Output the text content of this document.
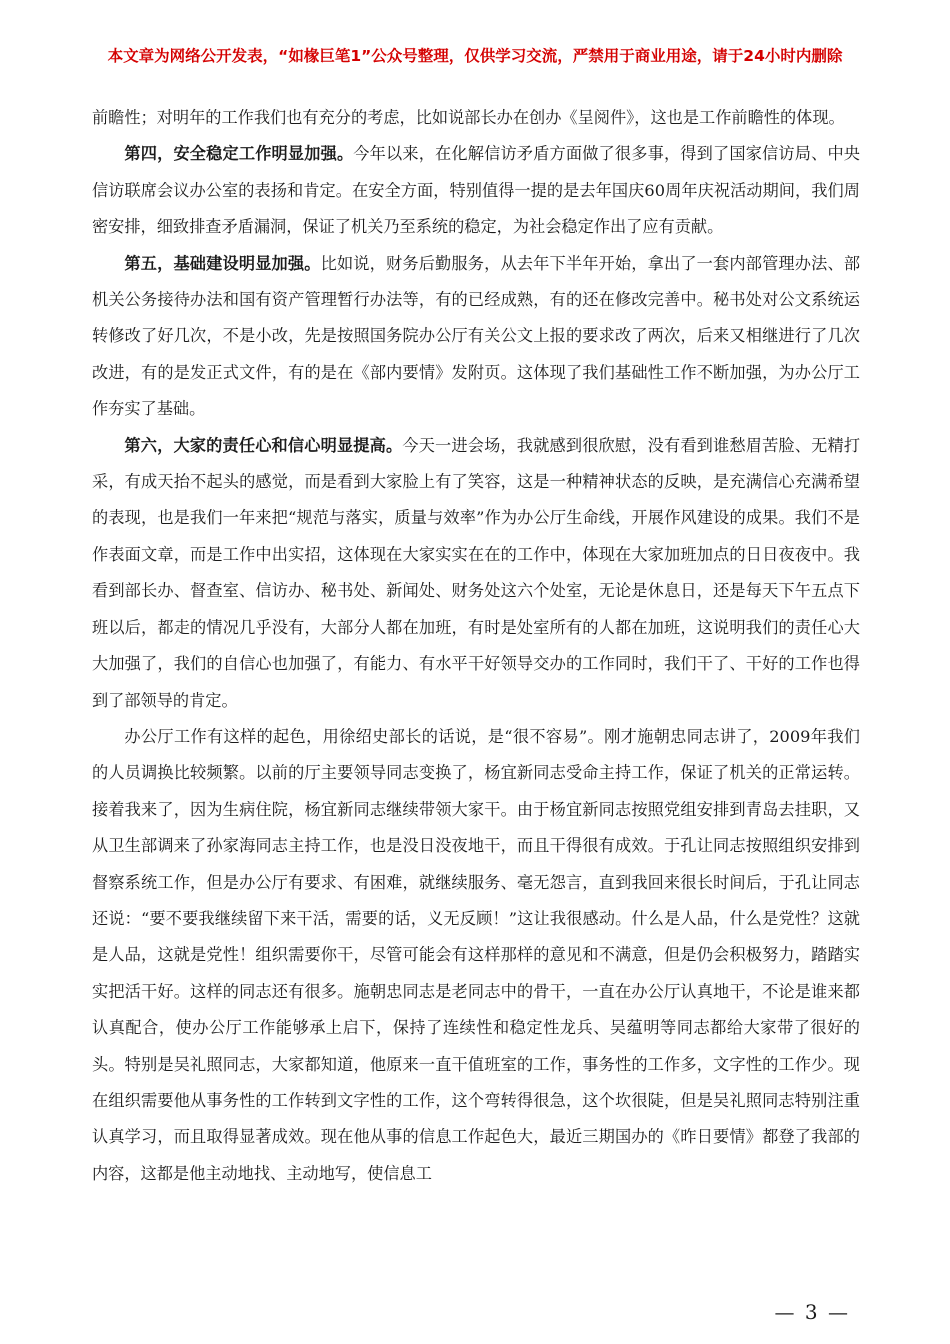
本文章为网络公开发表，“如椽巨笔1”公众号整理，仅供学习交流，严禁用于商业用途，请于24小时内删除

前瞻性；对明年的工作我们也有充分的考虑，比如说部长办在创办《呈阅件》，这也是工作前瞻性的体现。

第四，安全稳定工作明显加强。今年以来，在化解信访矛盾方面做了很多事，得到了国家信访局、中央信访联席会议办公室的表扬和肯定。在安全方面，特别值得一提的是去年国庆60周年庆祝活动期间，我们周密安排，细致排查矛盾漏洞，保证了机关乃至系统的稳定，为社会稳定作出了应有贡献。

第五，基础建设明显加强。比如说，财务后勤服务，从去年下半年开始，拿出了一套内部管理办法、部机关公务接待办法和国有资产管理暂行办法等，有的已经成熟，有的还在修改完善中。秘书处对公文系统运转修改了好几次，不是小改，先是按照国务院办公厅有关公文上报的要求改了两次，后来又相继进行了几次改进，有的是发正式文件，有的是在《部内要情》发附页。这体现了我们基础性工作不断加强，为办公厅工作夯实了基础。

第六，大家的责任心和信心明显提高。今天一进会场，我就感到很欣慰，没有看到谁愁眉苦脸、无精打采，有成天抬不起头的感觉，而是看到大家脸上有了笑容，这是一种精神状态的反映，是充满信心充满希望的表现，也是我们一年来把“规范与落实，质量与效率”作为办公厅生命线，开展作风建设的成果。我们不是作表面文章，而是工作中出实招，这体现在大家实实在在的工作中，体现在大家加班加点的日日夜夜中。我看到部长办、督查室、信访办、秘书处、新闻处、财务处这六个处室，无论是休息日，还是每天下午五点下班以后，都走的情况几乎没有，大部分人都在加班，有时是处室所有的人都在加班，这说明我们的责任心大大加强了，我们的自信心也加强了，有能力、有水平干好领导交办的工作同时，我们干了、干好的工作也得到了部领导的肯定。

办公厅工作有这样的起色，用徐绍史部长的话说，是“很不容易”。刚才施朝忠同志讲了，2009年我们的人员调换比较频繁。以前的厅主要领导同志变换了，杨宜新同志受命主持工作，保证了机关的正常运转。接着我来了，因为生病住院，杨宜新同志继续带领大家干。由于杨宜新同志按照党组安排到青岛去挂职，又从卫生部调来了孙家海同志主持工作，也是没日没夜地干，而且干得很有成效。于孔让同志按照组织安排到督察系统工作，但是办公厅有要求、有困难，就继续服务、毫无怨言，直到我回来很长时间后，于孔让同志还说：“要不要我继续留下来干活，需要的话，义无反顾！”这让我很感动。什么是人品，什么是党性？这就是人品，这就是党性！组织需要你干，尽管可能会有这样那样的意见和不满意，但是仍会积极努力，踏踏实实把活干好。这样的同志还有很多。施朝忠同志是老同志中的骨干，一直在办公厅认真地干，不论是谁来都认真配合，使办公厅工作能够承上启下，保持了连续性和稳定性龙兵、吴蕴明等同志都给大家带了很好的头。特别是吴礼照同志，大家都知道，他原来一直干值班室的工作，事务性的工作多，文字性的工作少。现在组织需要他从事务性的工作转到文字性的工作，这个弯转得很急，这个坎很陡，但是吴礼照同志特别注重认真学习，而且取得显著成效。现在他从事的信息工作起色大，最近三期国办的《昨日要情》都登了我部的内容，这都是他主动地找、主动地写，使信息工

— 3 —
